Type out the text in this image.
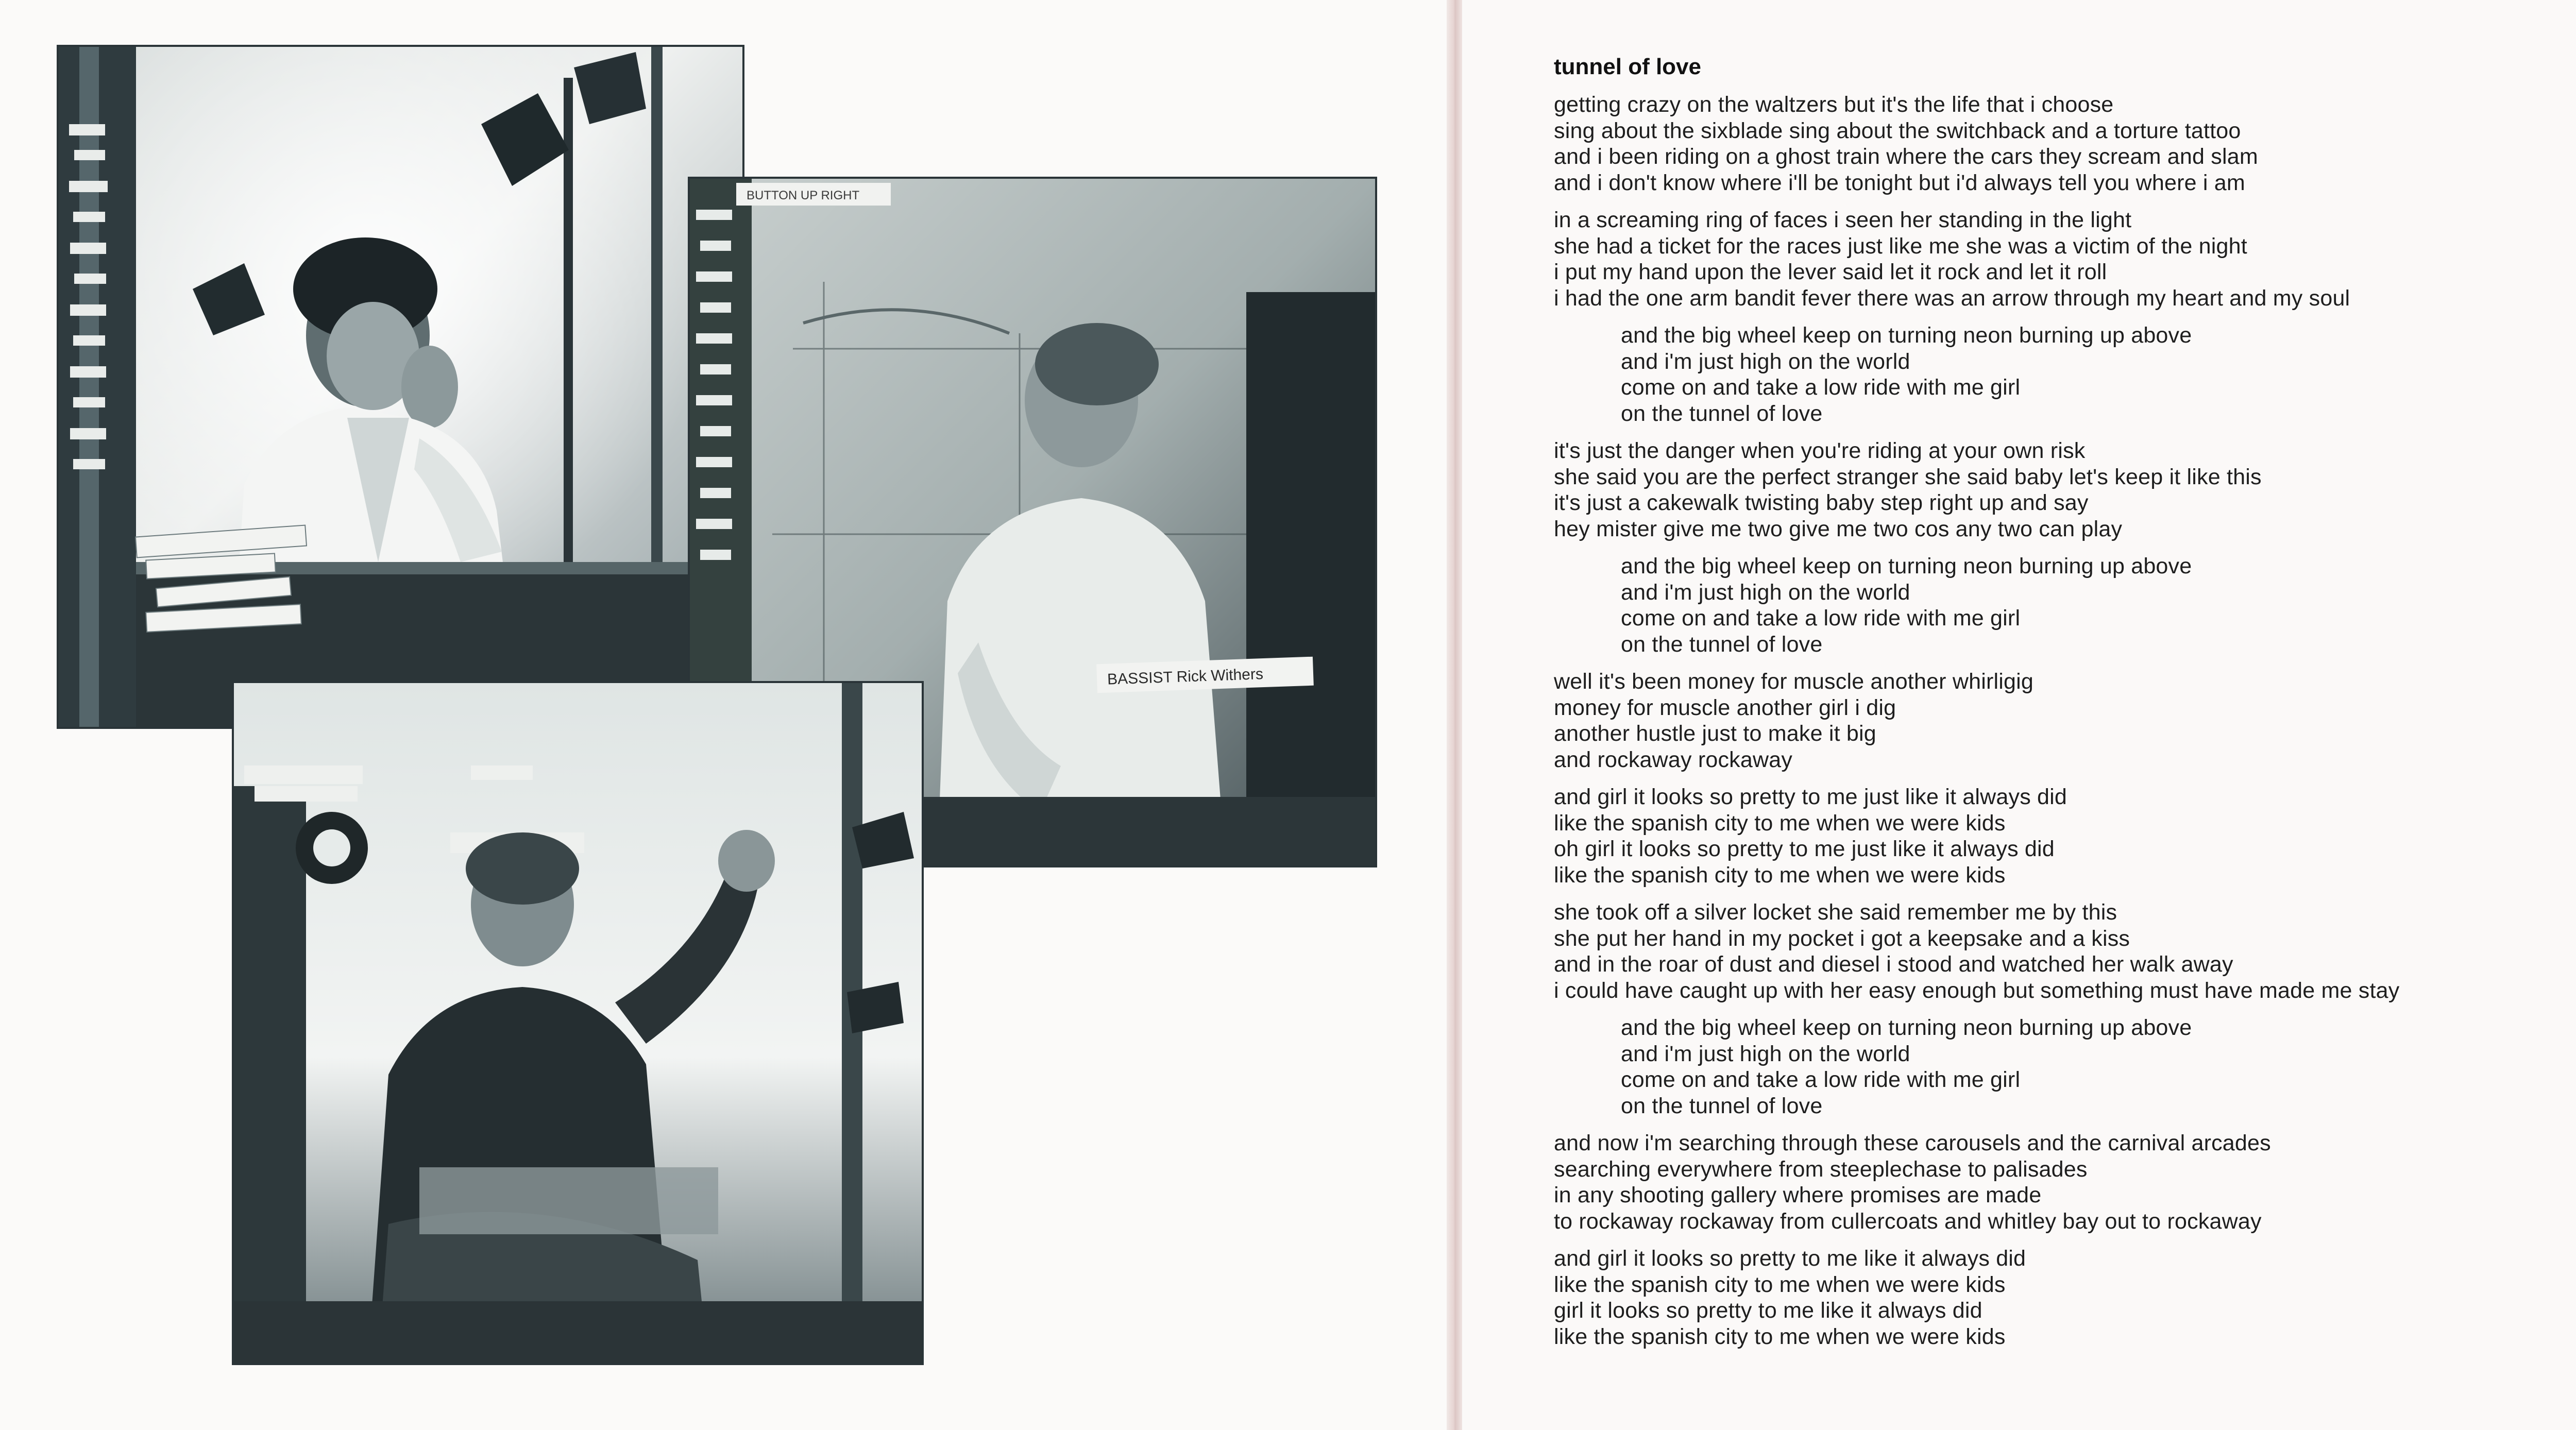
BUTTON UP RIGHT
BASSIST Rick Withers
tunnel of love
getting crazy on the waltzers but it's the life that i choose
sing about the sixblade sing about the switchback and a torture tattoo
and i been riding on a ghost train where the cars they scream and slam
and i don't know where i'll be tonight but i'd always tell you where i am
in a screaming ring of faces i seen her standing in the light
she had a ticket for the races just like me she was a victim of the night
i put my hand upon the lever said let it rock and let it roll
i had the one arm bandit fever there was an arrow through my heart and my soul
and the big wheel keep on turning neon burning up above
and i'm just high on the world
come on and take a low ride with me girl
on the tunnel of love
it's just the danger when you're riding at your own risk
she said you are the perfect stranger she said baby let's keep it like this
it's just a cakewalk twisting baby step right up and say
hey mister give me two give me two cos any two can play
and the big wheel keep on turning neon burning up above
and i'm just high on the world
come on and take a low ride with me girl
on the tunnel of love
well it's been money for muscle another whirligig
money for muscle another girl i dig
another hustle just to make it big
and rockaway rockaway
and girl it looks so pretty to me just like it always did
like the spanish city to me when we were kids
oh girl it looks so pretty to me just like it always did
like the spanish city to me when we were kids
she took off a silver locket she said remember me by this
she put her hand in my pocket i got a keepsake and a kiss
and in the roar of dust and diesel i stood and watched her walk away
i could have caught up with her easy enough but something must have made me stay
and the big wheel keep on turning neon burning up above
and i'm just high on the world
come on and take a low ride with me girl
on the tunnel of love
and now i'm searching through these carousels and the carnival arcades
searching everywhere from steeplechase to palisades
in any shooting gallery where promises are made
to rockaway rockaway from cullercoats and whitley bay out to rockaway
and girl it looks so pretty to me like it always did
like the spanish city to me when we were kids
girl it looks so pretty to me like it always did
like the spanish city to me when we were kids
